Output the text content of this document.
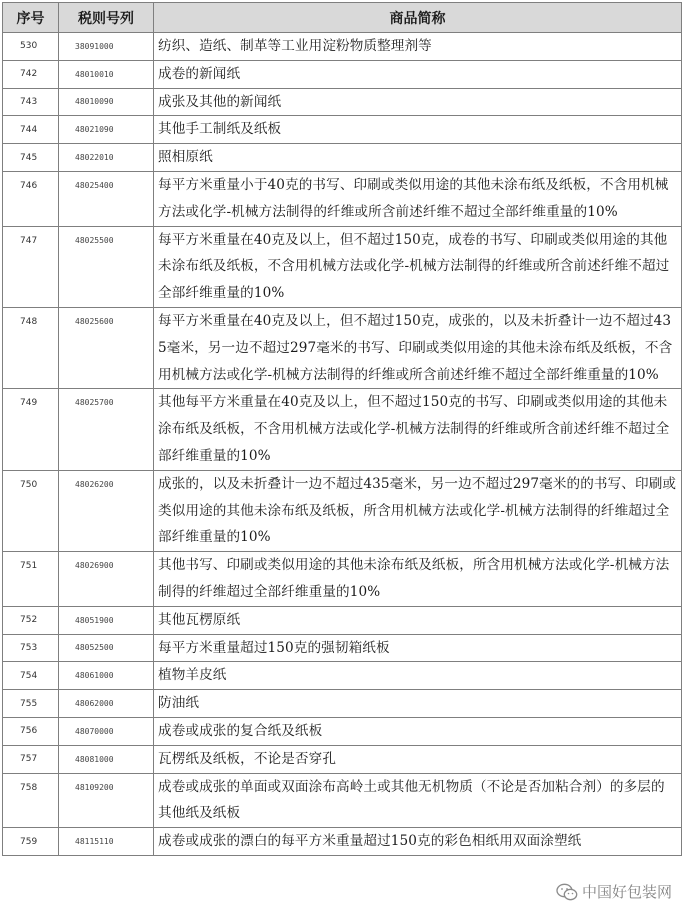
序号	税则号列	商品简称
530	38091000	纺织、造纸、制革等工业用淀粉物质整理剂等
742	48010010	成卷的新闻纸
743	48010090	成张及其他的新闻纸
744	48021090	其他手工制纸及纸板
745	48022010	照相原纸
746	48025400	每平方米重量小于40克的书写、印刷或类似用途的其他未涂布纸及纸板，不含用机械方法或化学-机械方法制得的纤维或所含前述纤维不超过全部纤维重量的10%
747	48025500	每平方米重量在40克及以上，但不超过150克，成卷的书写、印刷或类似用途的其他未涂布纸及纸板，不含用机械方法或化学-机械方法制得的纤维或所含前述纤维不超过全部纤维重量的10%
748	48025600	每平方米重量在40克及以上，但不超过150克，成张的，以及未折叠计一边不超过435毫米，另一边不超过297毫米的书写、印刷或类似用途的其他未涂布纸及纸板，不含用机械方法或化学-机械方法制得的纤维或所含前述纤维不超过全部纤维重量的10%
749	48025700	其他每平方米重量在40克及以上，但不超过150克的书写、印刷或类似用途的其他未涂布纸及纸板，不含用机械方法或化学-机械方法制得的纤维或所含前述纤维不超过全部纤维重量的10%
750	48026200	成张的，以及未折叠计一边不超过435毫米，另一边不超过297毫米的的书写、印刷或类似用途的其他未涂布纸及纸板，所含用机械方法或化学-机械方法制得的纤维超过全部纤维重量的10%
751	48026900	其他书写、印刷或类似用途的其他未涂布纸及纸板，所含用机械方法或化学-机械方法制得的纤维超过全部纤维重量的10%
752	48051900	其他瓦楞原纸
753	48052500	每平方米重量超过150克的强韧箱纸板
754	48061000	植物羊皮纸
755	48062000	防油纸
756	48070000	成卷或成张的复合纸及纸板
757	48081000	瓦楞纸及纸板，不论是否穿孔
758	48109200	成卷或成张的单面或双面涂布高岭土或其他无机物质（不论是否加粘合剂）的多层的其他纸及纸板
759	48115110	成卷或成张的漂白的每平方米重量超过150克的彩色相纸用双面涂塑纸
中国好包装网
